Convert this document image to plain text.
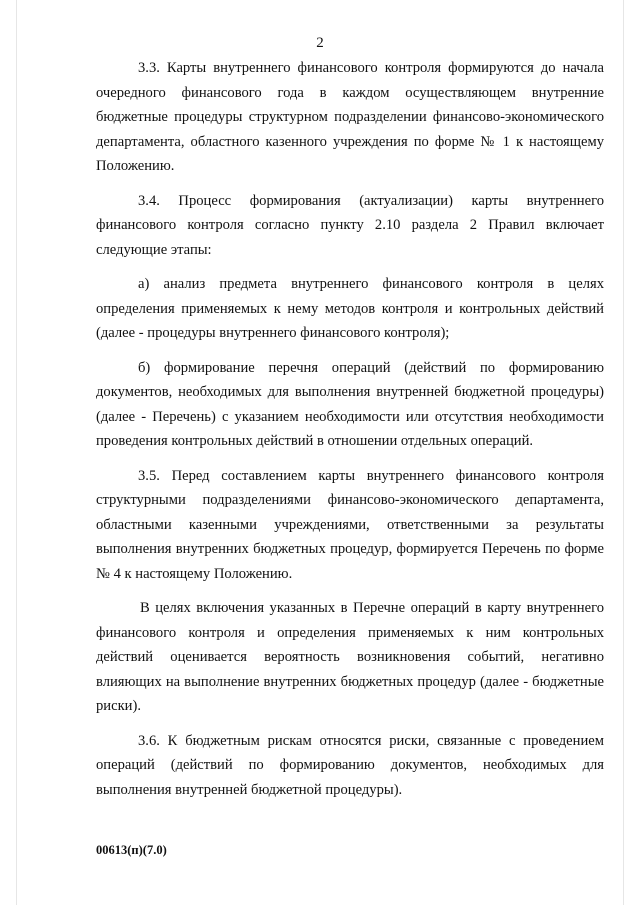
2

3.3. Карты внутреннего финансового контроля формируются до начала очередного финансового года в каждом осуществляющем внутренние бюджетные процедуры структурном подразделении финансово-экономического департамента, областного казенного учреждения по форме № 1 к настоящему Положению.

3.4. Процесс формирования (актуализации) карты внутреннего финансового контроля согласно пункту 2.10 раздела 2 Правил включает следующие этапы:

а) анализ предмета внутреннего финансового контроля в целях определения применяемых к нему методов контроля и контрольных действий (далее - процедуры внутреннего финансового контроля);

б) формирование перечня операций (действий по формированию документов, необходимых для выполнения внутренней бюджетной процедуры) (далее - Перечень) с указанием необходимости или отсутствия необходимости проведения контрольных действий в отношении отдельных операций.

3.5. Перед составлением карты внутреннего финансового контроля структурными подразделениями финансово-экономического департамента, областными казенными учреждениями, ответственными за результаты выполнения внутренних бюджетных процедур, формируется Перечень по форме № 4 к настоящему Положению.

В целях включения указанных в Перечне операций в карту внутреннего финансового контроля и определения применяемых к ним контрольных действий оценивается вероятность возникновения событий, негативно влияющих на выполнение внутренних бюджетных процедур (далее - бюджетные риски).

3.6. К бюджетным рискам относятся риски, связанные с проведением операций (действий по формированию документов, необходимых для выполнения внутренней бюджетной процедуры).

00613(п)(7.0)
